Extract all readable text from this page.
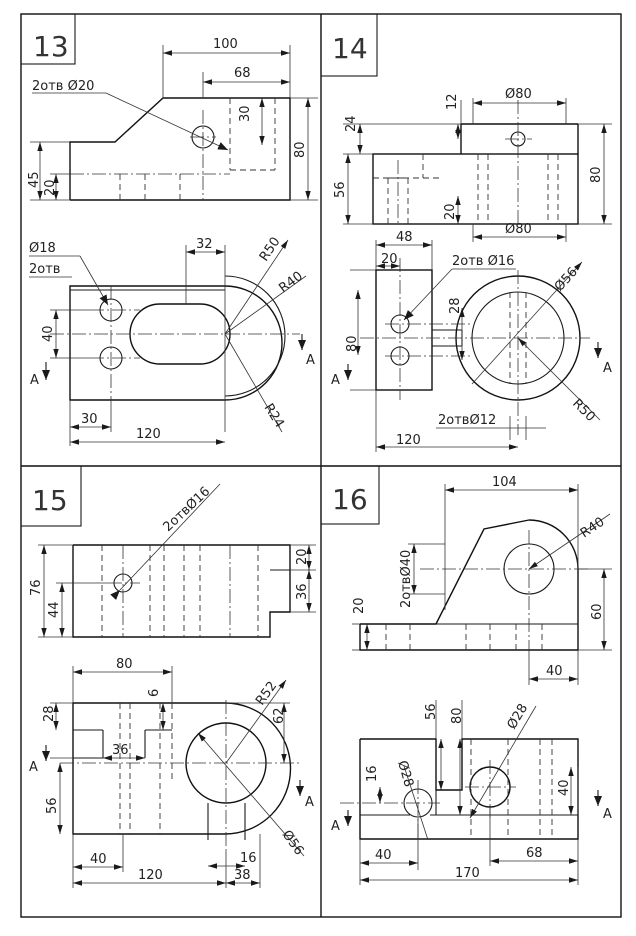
13	100
68
2отв Ø20
30
80
45 20
32	R50
R40
R24
Ø18
2отв
40
30
120
A
A
14
Ø80
12
24
56
80
20
Ø80
48
20	2отв Ø16
Ø56
R50
28
80
2отвØ12
120
A
A
15	2отвØ16
76
44
20
36
80
6	R52
62
28
36
56
Ø56
16
40
120	38
A
A
16
104
R40
2отвØ40
20	60
40
56 80	Ø28
Ø28
16
40
40	68
170
A
A
